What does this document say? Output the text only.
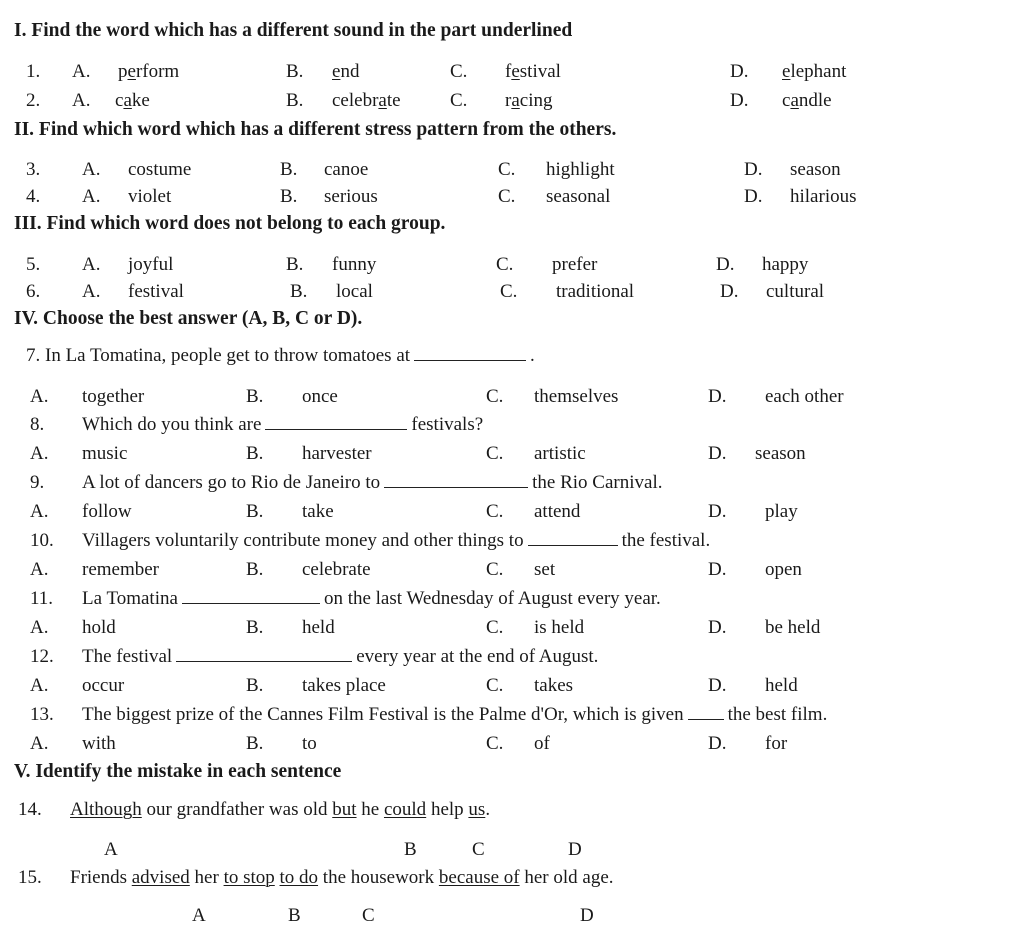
I. Find the word which has a different sound in the part underlined
1. A. perform	B. end	C. festival	D. elephant
2. A. cake	B. celebrate	C. racing	D. candle
II. Find which word which has a different stress pattern from the others.
3. A. costume	B. canoe	C. highlight	D. season
4. A. violet	B. serious	C. seasonal	D. hilarious
III. Find which word does not belong to each group.
5. A. joyful	B. funny	C. prefer	D. happy
6. A. festival	B. local	C. traditional	D. cultural
IV. Choose the best answer (A, B, C or D).
7. In La Tomatina, people get to throw tomatoes at	.
A. together	B. once	C. themselves	D. each other
8. Which do you think are	festivals?
A. music	B. harvester	C. artistic	D. season
9. A lot of dancers go to Rio de Janeiro to	the Rio Carnival.
A. follow	B. take	C. attend	D. play
10. Villagers voluntarily contribute money and other things to	the festival.
A. remember	B. celebrate	C. set	D. open
11. La Tomatina	on the last Wednesday of August every year.
A. hold	B. held	C. is held	D. be held
12. The festival	every year at the end of August.
A. occur	B. takes place	C. takes	D. held
13. The biggest prize of the Cannes Film Festival is the Palme d'Or, which is given the best film.
A. with	B. to	C. of	D. for
V. Identify the mistake in each sentence
14. Although our grandfather was old but he could help us.
A	B	C	D
15. Friends advised her to stop to do the housework because of her old age.
A	B	C	D
